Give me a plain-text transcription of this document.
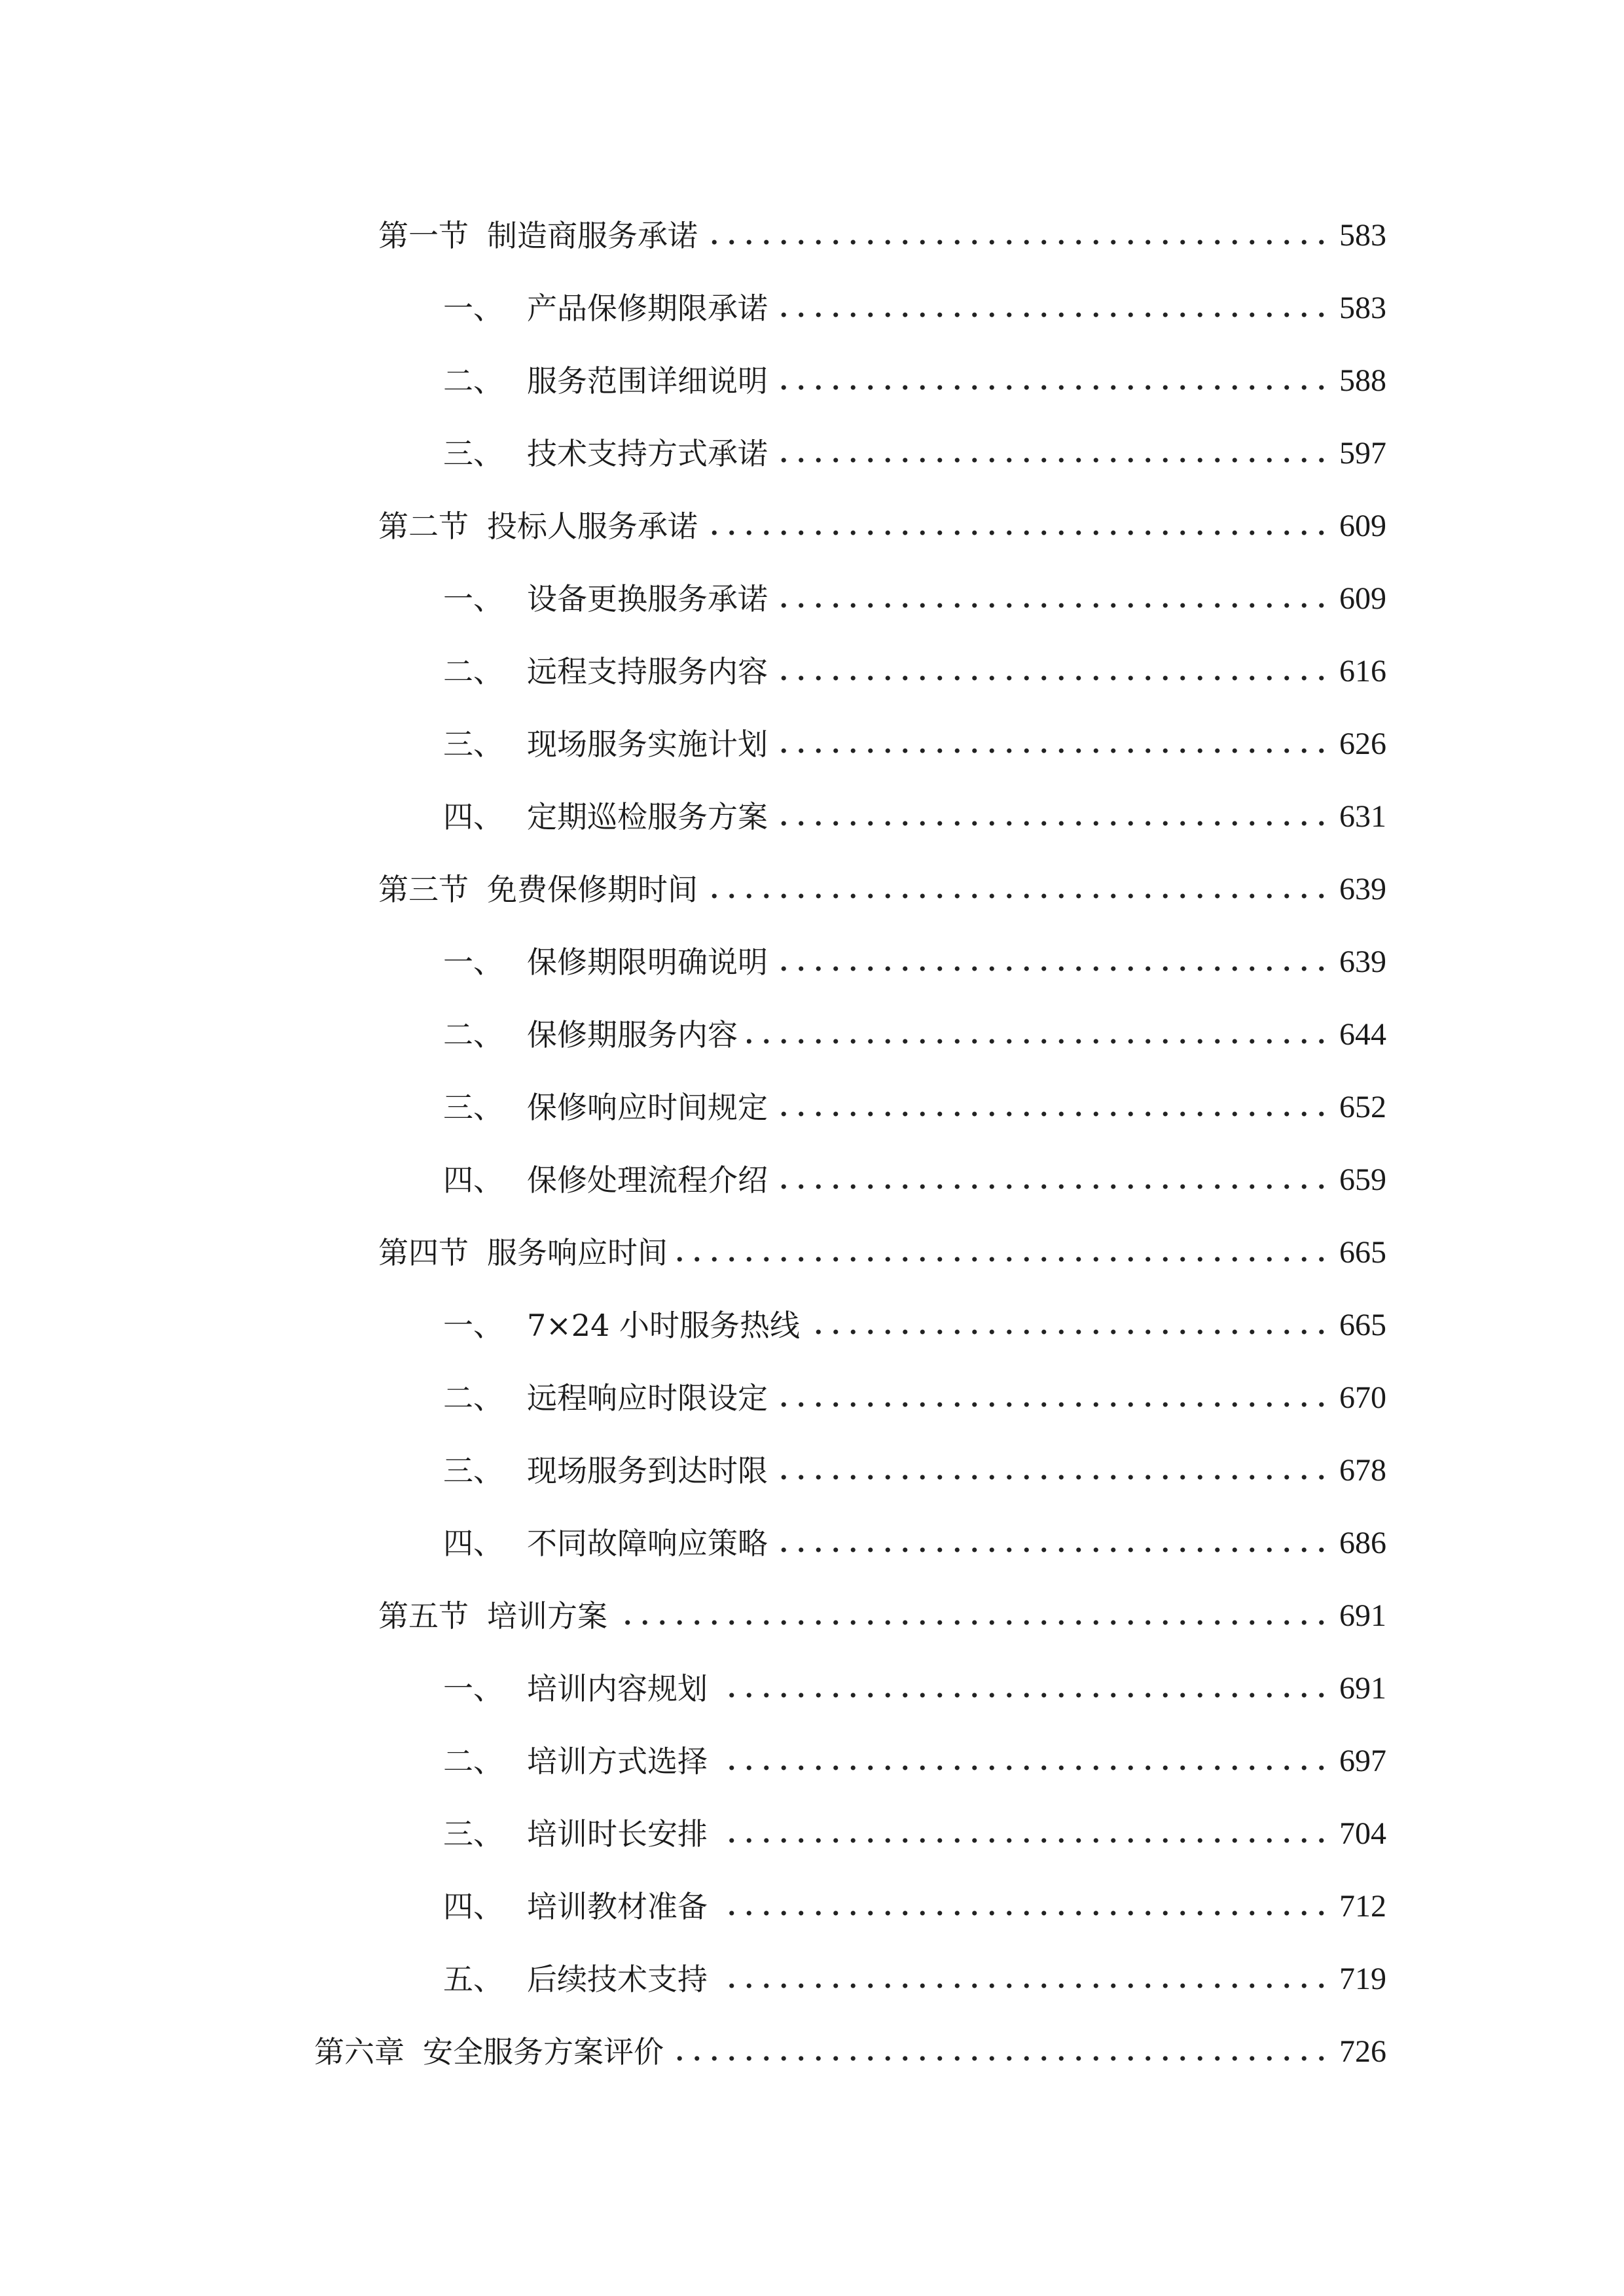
第一节 制造商服务承诺	583
一、 产品保修期限承诺	583
二、 服务范围详细说明	588
三、 技术支持方式承诺	597
第二节 投标人服务承诺	609
一、 设备更换服务承诺	609
二、 远程支持服务内容	616
三、 现场服务实施计划	626
四、 定期巡检服务方案	631
第三节 免费保修期时间	639
一、 保修期限明确说明	639
二、 保修期服务内容	644
三、 保修响应时间规定	652
四、 保修处理流程介绍	659
第四节 服务响应时间	665
一、 7×24 小时服务热线	665
二、 远程响应时限设定	670
三、 现场服务到达时限	678
四、 不同故障响应策略	686
第五节 培训方案	691
一、 培训内容规划	691
二、 培训方式选择	697
三、 培训时长安排	704
四、 培训教材准备	712
五、 后续技术支持	719
第六章 安全服务方案评价	726
